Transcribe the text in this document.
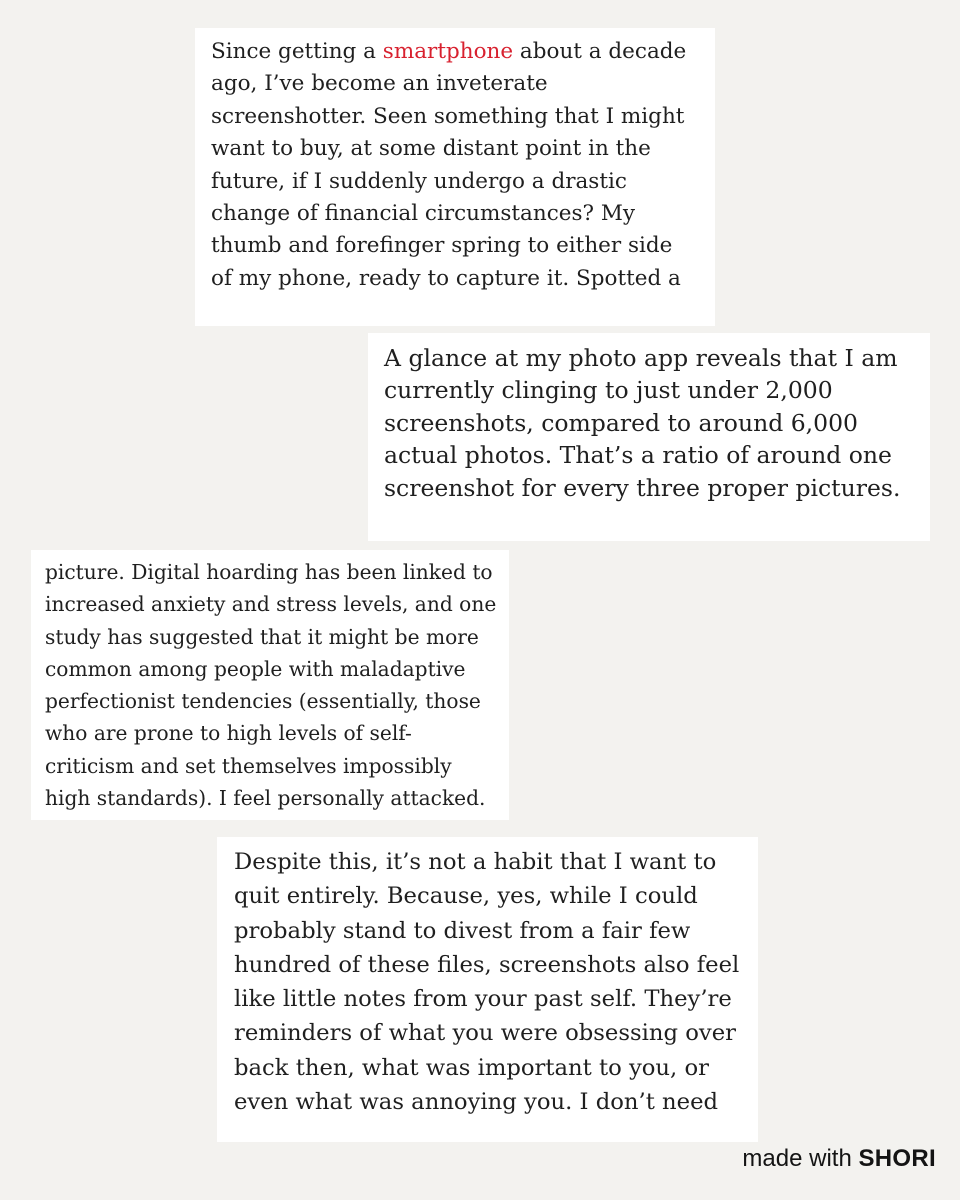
Since getting a smartphone about a decade
ago, I’ve become an inveterate
screenshotter. Seen something that I might
want to buy, at some distant point in the
future, if I suddenly undergo a drastic
change of financial circumstances? My
thumb and forefinger spring to either side
of my phone, ready to capture it. Spotted a

A glance at my photo app reveals that I am
currently clinging to just under 2,000
screenshots, compared to around 6,000
actual photos. That’s a ratio of around one
screenshot for every three proper pictures.

picture. Digital hoarding has been linked to
increased anxiety and stress levels, and one
study has suggested that it might be more
common among people with maladaptive
perfectionist tendencies (essentially, those
who are prone to high levels of self-
criticism and set themselves impossibly
high standards). I feel personally attacked.

Despite this, it’s not a habit that I want to
quit entirely. Because, yes, while I could
probably stand to divest from a fair few
hundred of these files, screenshots also feel
like little notes from your past self. They’re
reminders of what you were obsessing over
back then, what was important to you, or
even what was annoying you. I don’t need

made with SHORI
